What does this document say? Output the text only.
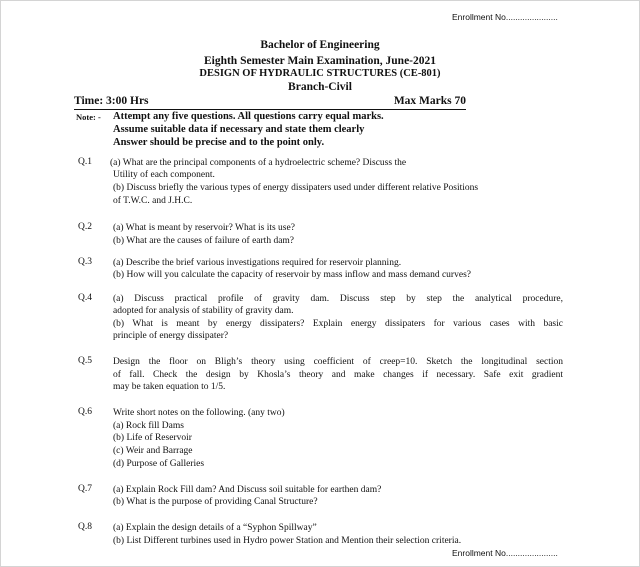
Enrollment No......................
Bachelor of Engineering
Eighth Semester Main Examination, June-2021
DESIGN OF HYDRAULIC STRUCTURES (CE-801)
Branch-Civil
Time: 3:00 Hrs	Max Marks 70
Note: - Attempt any five questions. All questions carry equal marks.
Assume suitable data if necessary and state them clearly
Answer should be precise and to the point only.
Q.1 (a) What are the principal components of a hydroelectric scheme? Discuss the
Utility of each component.
(b) Discuss briefly the various types of energy dissipaters used under different relative Positions
of T.W.C. and J.H.C.
Q.2 (a) What is meant by reservoir? What is its use?
(b) What are the causes of failure of earth dam?
Q.3 (a) Describe the brief various investigations required for reservoir planning.
(b) How will you calculate the capacity of reservoir by mass inflow and mass demand curves?
Q.4 (a) Discuss practical profile of gravity dam. Discuss step by step the analytical procedure,
adopted for analysis of stability of gravity dam.
(b) What is meant by energy dissipaters? Explain energy dissipaters for various cases with basic
principle of energy dissipater?
Q.5 Design the floor on Bligh’s theory using coefficient of creep=10. Sketch the longitudinal section
of fall. Check the design by Khosla’s theory and make changes if necessary. Safe exit gradient
may be taken equation to 1/5.
Q.6 Write short notes on the following. (any two)
(a) Rock fill Dams
(b) Life of Reservoir
(c) Weir and Barrage
(d) Purpose of Galleries
Q.7 (a) Explain Rock Fill dam? And Discuss soil suitable for earthen dam?
(b) What is the purpose of providing Canal Structure?
Q.8 (a) Explain the design details of a “Syphon Spillway”
(b) List Different turbines used in Hydro power Station and Mention their selection criteria.
Enrollment No......................
